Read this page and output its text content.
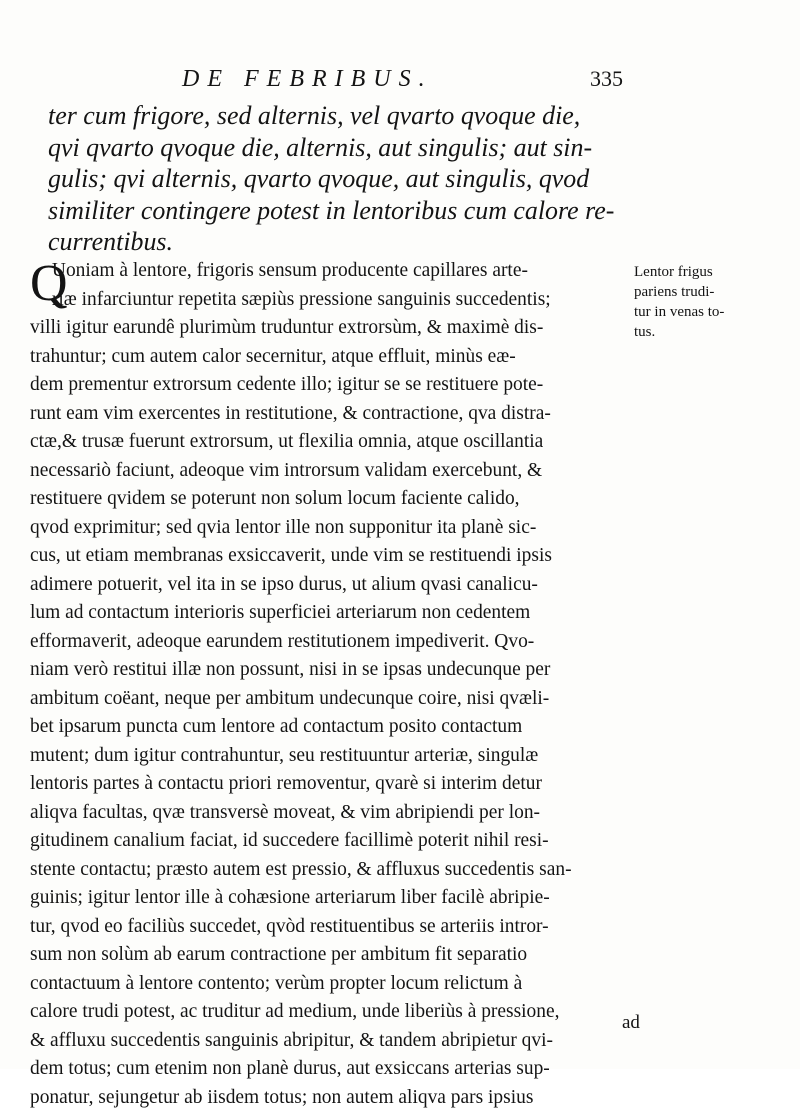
DE FEBRIBUS.	335
ter cum frigore, sed alternis, vel qvarto qvoque die,
qvi qvarto qvoque die, alternis, aut singulis; aut sin-
gulis; qvi alternis, qvarto qvoque, aut singulis, qvod
similiter contingere potest in lentoribus cum calore re-
currentibus.
Q
Uoniam à lentore, frigoris sensum producente capillares arte-
riæ infarciuntur repetita sæpiùs pressione sanguinis succedentis;
villi igitur earundê plurimùm truduntur extrorsùm, & maximè dis-
trahuntur; cum autem calor secernitur, atque effluit, minùs eæ-
dem prementur extrorsum cedente illo; igitur se se restituere pote-
runt eam vim exercentes in restitutione, & contractione, qva distra-
ctæ,& trusæ fuerunt extrorsum, ut flexilia omnia, atque oscillantia
necessariò faciunt, adeoque vim introrsum validam exercebunt, &
restituere qvidem se poterunt non solum locum faciente calido,
qvod exprimitur; sed qvia lentor ille non supponitur ita planè sic-
cus, ut etiam membranas exsiccaverit, unde vim se restituendi ipsis
adimere potuerit, vel ita in se ipso durus, ut alium qvasi canalicu-
lum ad contactum interioris superficiei arteriarum non cedentem
efformaverit, adeoque earundem restitutionem impediverit. Qvo-
niam verò restitui illæ non possunt, nisi in se ipsas undecunque per
ambitum coëant, neque per ambitum undecunque coire, nisi qvæli-
bet ipsarum puncta cum lentore ad contactum posito contactum
mutent; dum igitur contrahuntur, seu restituuntur arteriæ, singulæ
lentoris partes à contactu priori removentur, qvarè si interim detur
aliqva facultas, qvæ transversè moveat, & vim abripiendi per lon-
gitudinem canalium faciat, id succedere facillimè poterit nihil resi-
stente contactu; præsto autem est pressio, & affluxus succedentis san-
guinis; igitur lentor ille à cohæsione arteriarum liber facilè abripie-
tur, qvod eo faciliùs succedet, qvòd restituentibus se arteriis intror-
sum non solùm ab earum contractione per ambitum fit separatio
contactuum à lentore contento; verùm propter locum relictum à
calore trudi potest, ac truditur ad medium, unde liberiùs à pressione,
& affluxu succedentis sanguinis abripitur, & tandem abripietur qvi-
dem totus; cum etenim non planè durus, aut exsiccans arterias sup-
ponatur, sejungetur ab iisdem totus; non autem aliqva pars ipsius
Lentor frigus
pariens trudi-
tur in venas to-
tus.
ad
